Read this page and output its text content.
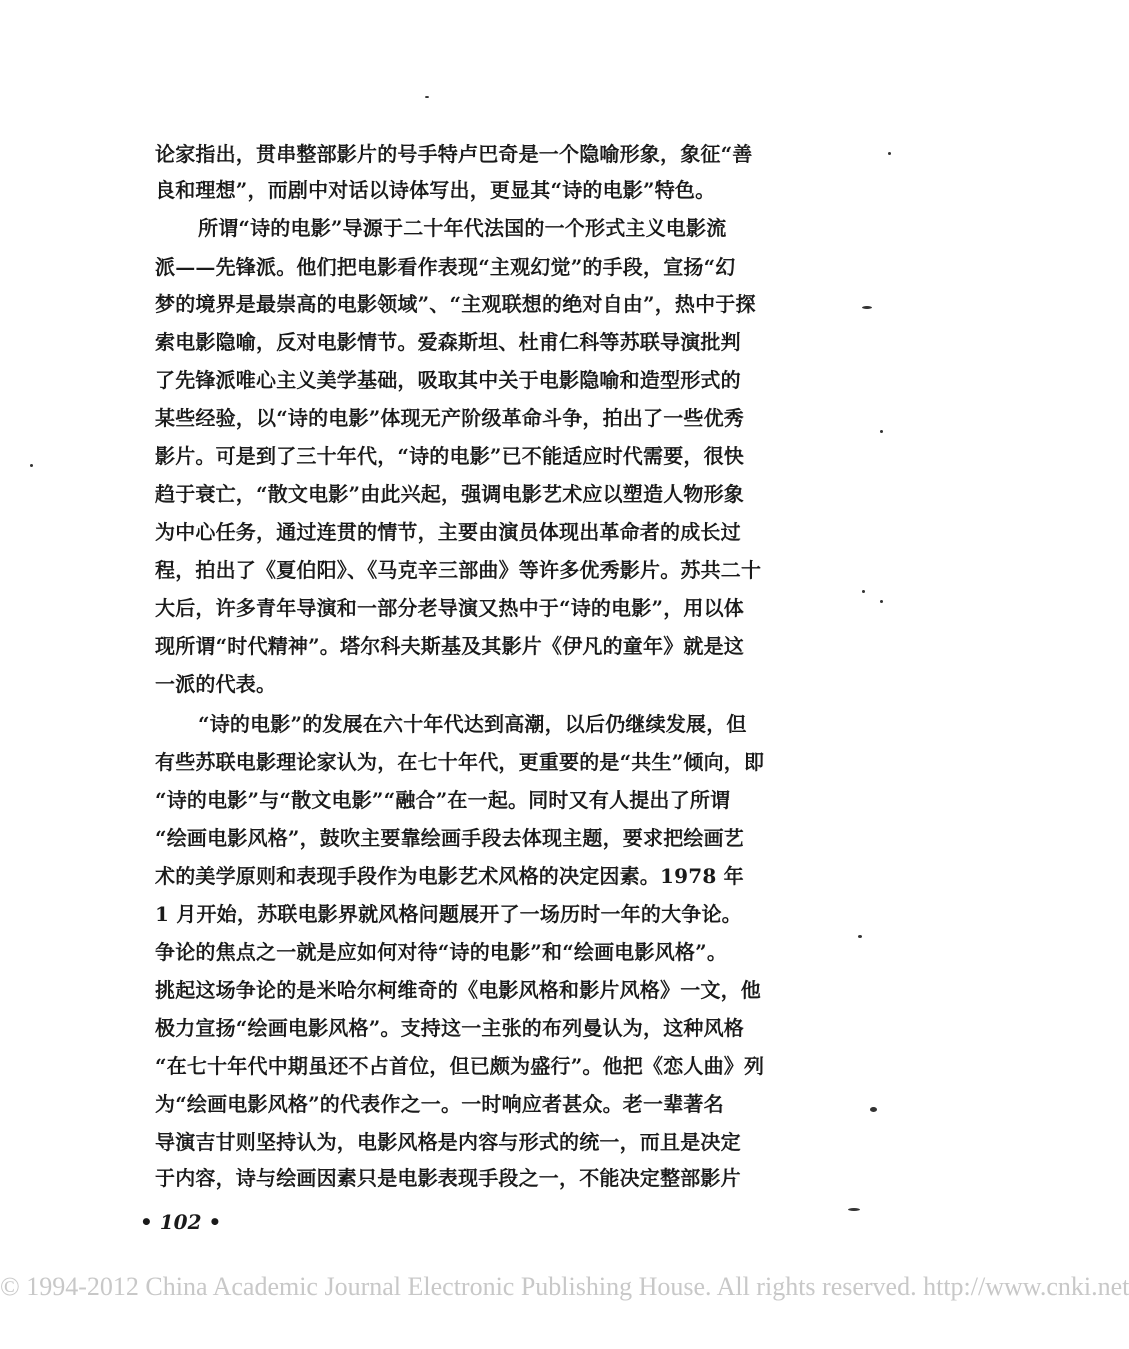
论家指出，贯串整部影片的号手特卢巴奇是一个隐喻形象，象征“善
良和理想”，而剧中对话以诗体写出，更显其“诗的电影”特色。
所谓“诗的电影”导源于二十年代法国的一个形式主义电影流
派——先锋派。他们把电影看作表现“主观幻觉”的手段，宣扬“幻
梦的境界是最崇高的电影领域”、“主观联想的绝对自由”，热中于探
索电影隐喻，反对电影情节。爱森斯坦、杜甫仁科等苏联导演批判
了先锋派唯心主义美学基础，吸取其中关于电影隐喻和造型形式的
某些经验，以“诗的电影”体现无产阶级革命斗争，拍出了一些优秀
影片。可是到了三十年代，“诗的电影”已不能适应时代需要，很快
趋于衰亡，“散文电影”由此兴起，强调电影艺术应以塑造人物形象
为中心任务，通过连贯的情节，主要由演员体现出革命者的成长过
程，拍出了《夏伯阳》、《马克辛三部曲》等许多优秀影片。苏共二十
大后，许多青年导演和一部分老导演又热中于“诗的电影”，用以体
现所谓“时代精神”。塔尔科夫斯基及其影片《伊凡的童年》就是这
一派的代表。
“诗的电影”的发展在六十年代达到高潮，以后仍继续发展，但
有些苏联电影理论家认为，在七十年代，更重要的是“共生”倾向，即
“诗的电影”与“散文电影”“融合”在一起。同时又有人提出了所谓
“绘画电影风格”，鼓吹主要靠绘画手段去体现主题，要求把绘画艺
术的美学原则和表现手段作为电影艺术风格的决定因素。1978 年
1 月开始，苏联电影界就风格问题展开了一场历时一年的大争论。
争论的焦点之一就是应如何对待“诗的电影”和“绘画电影风格”。
挑起这场争论的是米哈尔柯维奇的《电影风格和影片风格》一文，他
极力宣扬“绘画电影风格”。支持这一主张的布列曼认为，这种风格
“在七十年代中期虽还不占首位，但已颇为盛行”。他把《恋人曲》列
为“绘画电影风格”的代表作之一。一时响应者甚众。老一辈著名
导演吉甘则坚持认为，电影风格是内容与形式的统一，而且是决定
于内容，诗与绘画因素只是电影表现手段之一，不能决定整部影片
• 102 •
© 1994-2012 China Academic Journal Electronic Publishing House. All rights reserved. http://www.cnki.net
